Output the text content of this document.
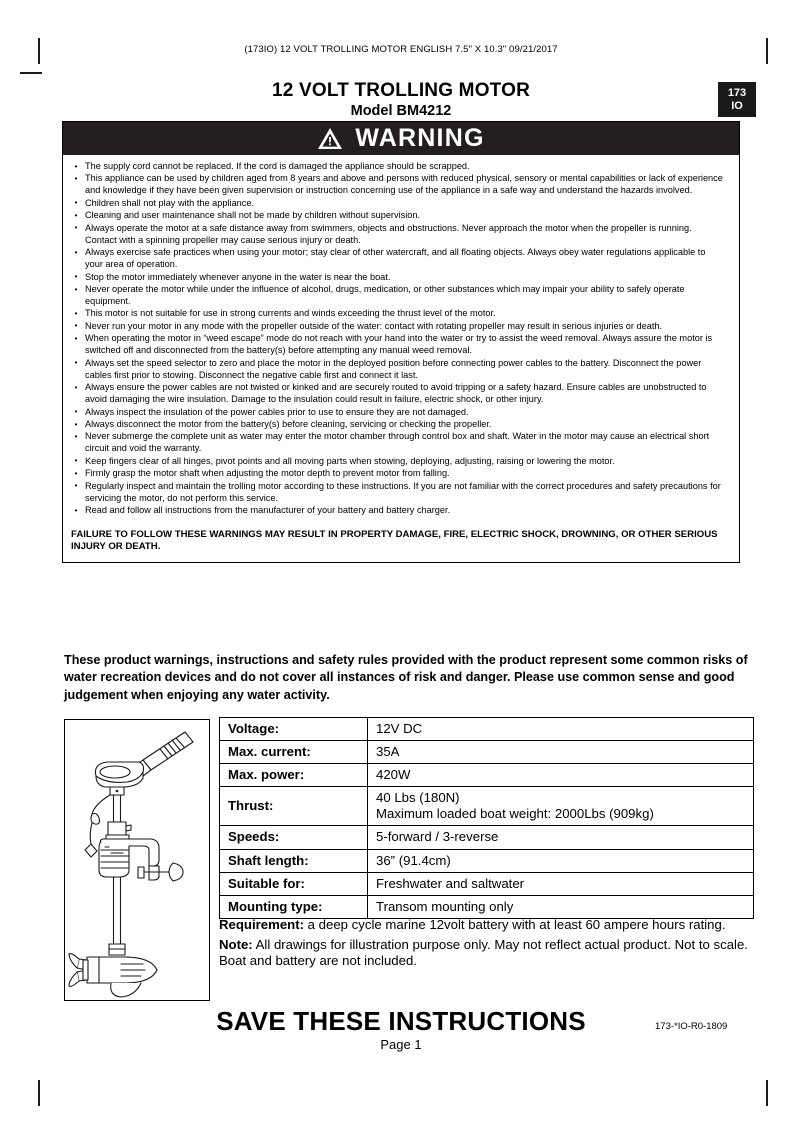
(173IO) 12 VOLT TROLLING MOTOR ENGLISH 7.5" X 10.3" 09/21/2017
12 VOLT TROLLING MOTOR
Model BM4212
173
IO
WARNING
• The supply cord cannot be replaced. If the cord is damaged the appliance should be scrapped.
• This appliance can be used by children aged from 8 years and above and persons with reduced physical, sensory or mental capabilities or lack of experience and knowledge if they have been given supervision or instruction concerning use of the appliance in a safe way and understand the hazards involved.
• Children shall not play with the appliance.
• Cleaning and user maintenance shall not be made by children without supervision.
• Always operate the motor at a safe distance away from swimmers, objects and obstructions. Never approach the motor when the propeller is running. Contact with a spinning propeller may cause serious injury or death.
• Always exercise safe practices when using your motor; stay clear of other watercraft, and all floating objects. Always obey water regulations applicable to your area of operation.
• Stop the motor immediately whenever anyone in the water is near the boat.
• Never operate the motor while under the influence of alcohol, drugs, medication, or other substances which may impair your ability to safely operate equipment.
• This motor is not suitable for use in strong currents and winds exceeding the thrust level of the motor.
• Never run your motor in any mode with the propeller outside of the water: contact with rotating propeller may result in serious injuries or death.
• When operating the motor in “weed escape” mode do not reach with your hand into the water or try to assist the weed removal. Always assure the motor is switched off and disconnected from the battery(s) before attempting any manual weed removal.
• Always set the speed selector to zero and place the motor in the deployed position before connecting power cables to the battery. Disconnect the power cables first prior to stowing. Disconnect the negative cable first and connect it last.
• Always ensure the power cables are not twisted or kinked and are securely routed to avoid tripping or a safety hazard. Ensure cables are unobstructed to avoid damaging the wire insulation. Damage to the insulation could result in failure, electric shock, or other injury.
• Always inspect the insulation of the power cables prior to use to ensure they are not damaged.
• Always disconnect the motor from the battery(s) before cleaning, servicing or checking the propeller.
• Never submerge the complete unit as water may enter the motor chamber through control box and shaft. Water in the motor may cause an electrical short circuit and void the warranty.
• Keep fingers clear of all hinges, pivot points and all moving parts when stowing, deploying, adjusting, raising or lowering the motor.
• Firmly grasp the motor shaft when adjusting the motor depth to prevent motor from falling.
• Regularly inspect and maintain the trolling motor according to these instructions. If you are not familiar with the correct procedures and safety precautions for servicing the motor, do not perform this service.
• Read and follow all instructions from the manufacturer of your battery and battery charger.
FAILURE TO FOLLOW THESE WARNINGS MAY RESULT IN PROPERTY DAMAGE, FIRE, ELECTRIC SHOCK, DROWNING, OR OTHER SERIOUS INJURY OR DEATH.
These product warnings, instructions and safety rules provided with the product represent some common risks of water recreation devices and do not cover all instances of risk and danger. Please use common sense and good judgement when enjoying any water activity.
Voltage:	12V DC
Max. current:	35A
Max. power:	420W
Thrust:	40 Lbs (180N)
Maximum loaded boat weight: 2000Lbs (909kg)

Speeds:	5-forward / 3-reverse
Shaft length:	36” (91.4cm)
Suitable for:	Freshwater and saltwater
Mounting type:	Transom mounting only

Requirement: a deep cycle marine 12volt battery with at least 60 ampere hours rating.

Note: All drawings for illustration purpose only. May not reflect actual product. Not to scale. Boat and battery are not included.

SAVE THESE INSTRUCTIONS
Page 1
173-*IO-R0-1809
